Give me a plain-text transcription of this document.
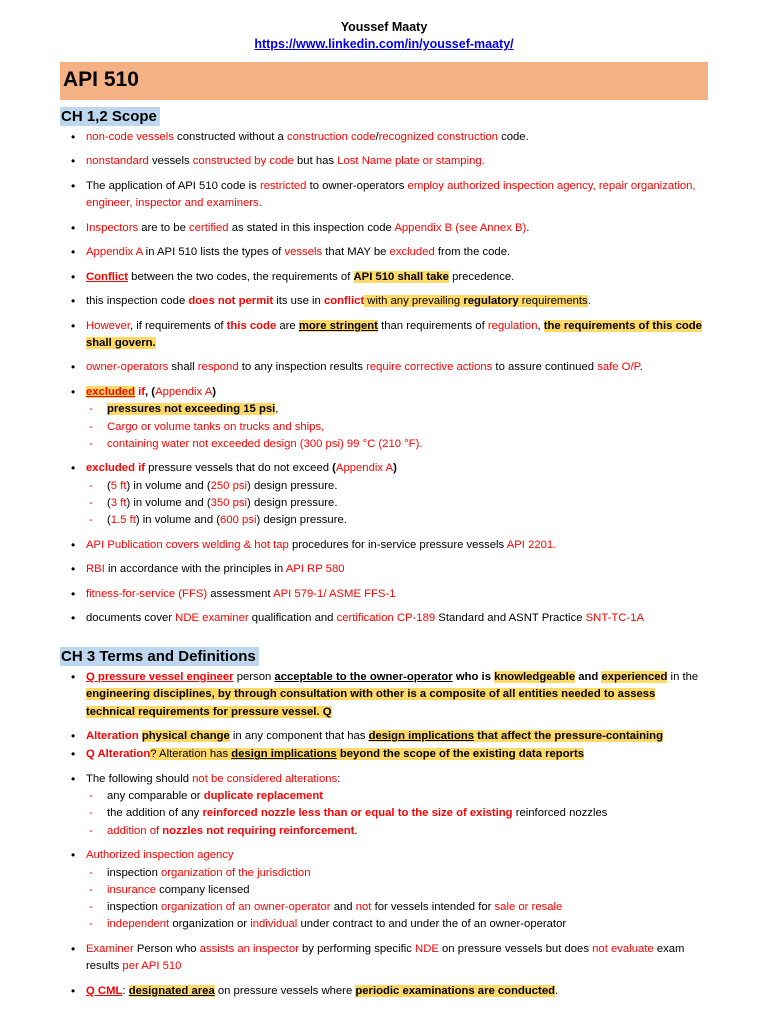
Youssef Maaty
https://www.linkedin.com/in/youssef-maaty/
API 510
CH 1,2 Scope
• non-code vessels constructed without a construction code/recognized construction code.
• nonstandard vessels constructed by code but has Lost Name plate or stamping.
• The application of API 510 code is restricted to owner-operators employ authorized inspection agency, repair organization, engineer, inspector and examiners.
• Inspectors are to be certified as stated in this inspection code Appendix B (see Annex B).
• Appendix A in API 510 lists the types of vessels that MAY be excluded from the code.
• Conflict between the two codes, the requirements of API 510 shall take precedence.
• this inspection code does not permit its use in conflict with any prevailing regulatory requirements.
• However, if requirements of this code are more stringent than requirements of regulation, the requirements of this code shall govern.
• owner-operators shall respond to any inspection results require corrective actions to assure continued safe O/P.
• excluded if, (Appendix A)
- pressures not exceeding 15 psi,
- Cargo or volume tanks on trucks and ships,
- containing water not exceeded design (300 psi) 99 °C (210 °F).
• excluded if pressure vessels that do not exceed (Appendix A)
- (5 ft) in volume and (250 psi) design pressure.
- (3 ft) in volume and (350 psi) design pressure.
- (1.5 ft) in volume and (600 psi) design pressure.
• API Publication covers welding & hot tap procedures for in-service pressure vessels API 2201.
• RBI in accordance with the principles in API RP 580
• fitness-for-service (FFS) assessment API 579-1/ ASME FFS-1
• documents cover NDE examiner qualification and certification CP-189 Standard and ASNT Practice SNT-TC-1A
CH 3 Terms and Definitions
• Q pressure vessel engineer person acceptable to the owner-operator who is knowledgeable and experienced in the engineering disciplines, by through consultation with other is a composite of all entities needed to assess technical requirements for pressure vessel. Q
• Alteration physical change in any component that has design implications that affect the pressure-containing
• Q Alteration? Alteration has design implications beyond the scope of the existing data reports
• The following should not be considered alterations:
- any comparable or duplicate replacement
- the addition of any reinforced nozzle less than or equal to the size of existing reinforced nozzles
- addition of nozzles not requiring reinforcement.
• Authorized inspection agency
- inspection organization of the jurisdiction
- insurance company licensed
- inspection organization of an owner-operator and not for vessels intended for sale or resale
- independent organization or individual under contract to and under the of an owner-operator
• Examiner Person who assists an inspector by performing specific NDE on pressure vessels but does not evaluate exam results per API 510
• Q CML: designated area on pressure vessels where periodic examinations are conducted.
